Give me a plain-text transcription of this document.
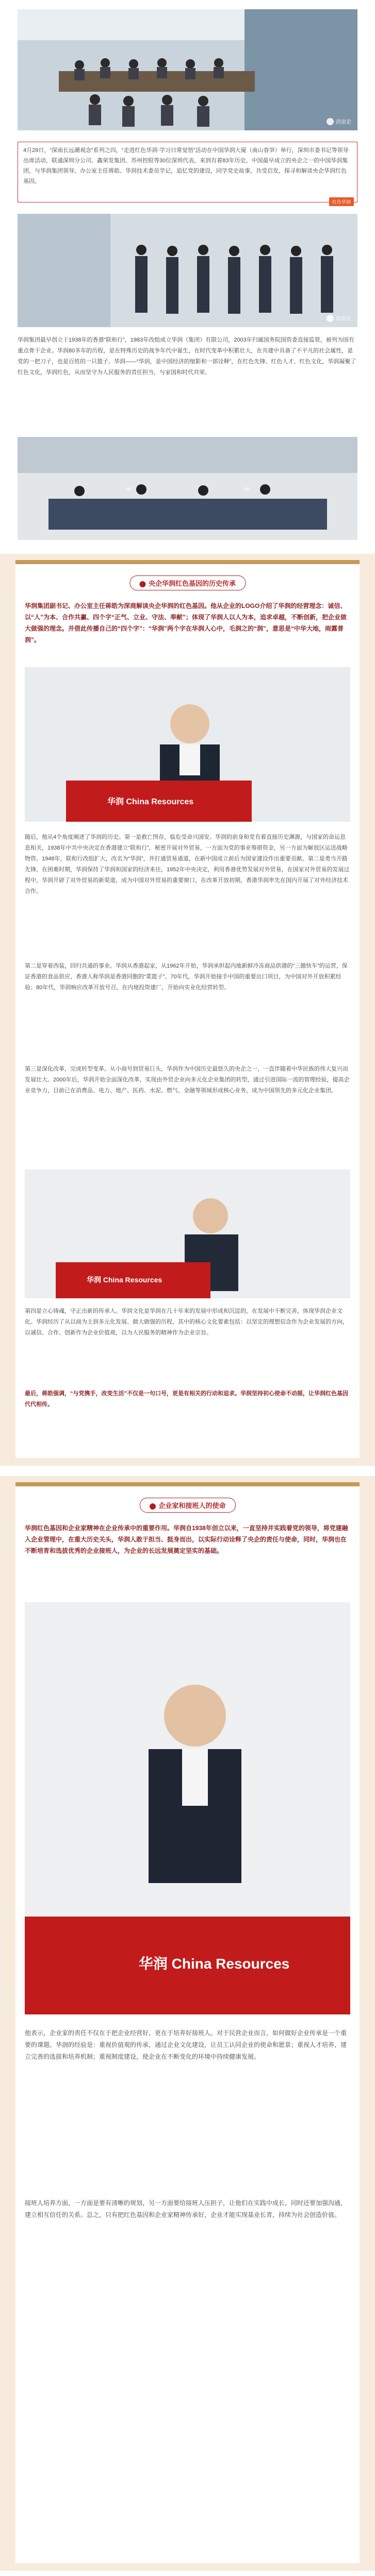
洪崖论

4月29日，“深南长远潮观念”系列之四，“走进红色华润·学习日常觉悟”活动在中国华润大厦（南山春笋）举行，深圳市委书记等领导出席活动，联通深圳分公司、鑫荣发集团、苏州控股等30位深圳代表，来到有着83年历史、中国最早成立的央企之一的中国华润集团，与华润集团领导、办公室主任蒋皓、华润技术委员学记，追忆党的建设，同学党史故事，共受启发，探寻和解读央企华润红色基因。

红色华润
洪崖论

华润集团最早创立于1938年的香港“联和行”，1983年改组成立华润（集团）有限公司，2003年归属国务院国资委直接监管，被列为国有重点骨干企业。华润80多年的历程，是在特殊历史的战争年代中诞生，在时代变革中积累壮大，在共建中具备了不平凡的社会属性，是党的一把刀子，也是百姓的一只篮子。华润——“华润，是中国经济的缩影和一部诠释”，在红色先锋、红色人才、红色文化，华润凝聚了红色文化，华润红色，从而坚守为人民服务的责任担当，与家国和时代共荣。

央企华润红色基因的历史传承

华润集团副书记、办公室主任蒋皓为深商解读央企华润的红色基因。他从企业的LOGO介绍了华润的经营理念：诚信、以“人”为本、合作共赢、四个字“正气、立业、守法、奉献”；体现了华润人以人为本，追求卓越，不断创新，把企业做大做强的理念。并借此传播自己的“四个字”：“华润”两个字在华润人心中，毛润之的“润”，意思是“中华大地，雨露普润”。

华润 China Resources

随后，他从4个角度阐述了华润的历史。第一是救亡图存，临危受命兴国安。华润的前身和党有着直接历史渊源，与国家的命运息息相关，1938年中共中央决定在香港建立“联和行”，秘密开展对外贸易，一方面为党的事业筹措资金，另一方面为解放区运送战略物资。1948年，联和行改组扩大，改名为“华润”，并打通贸易通道，在新中国成立前后为国家建设作出重要贡献。第二是勇当开路先锋，在困难时期，华润保持了华润和国家的经济来往，1952年中央决定，利用香港优势发展对外贸易，在国家对外贸易的发展过程中，华润开辟了对外贸易的新渠道，成为中国对外贸易的重要窗口，在改革开放初期，香港华润率先在国内开展了对外经济技术合作。

第二是穿着西装，回归共通的事业。华润从香港起家，从1962年开始，华润承担起内地新鲜冷冻商品供港的“三趟快车”的运营，保证香港的食品供应，香港人称华润是香港同胞的“菜篮子”。70年代，华润开始接手中国的重要出口项目，为中国对外开放积累经验；80年代，华润响应改革开放号召，在内地投资建厂，开始向实业化经营转型。

第三是深化改革，完成转型变革。从小商号到贸易巨头，华润作为中国历史最悠久的央企之一，一直伴随着中华民族的伟大复兴而发展壮大。2000年后，华润开始全面深化改革，实现由外贸企业向多元化企业集团的转型，通过引进国际一流的管理经验，提高企业竞争力，目前已在消费品、电力、地产、医药、水泥、燃气、金融等领域形成核心业务，成为中国领先的多元化企业集团。

华润 China Resources

第四是立心铸魂，守正出新的传承人。华润文化是华润在几十年来的发展中形成和沉淀的，在发展中不断完善，体现华润企业文化。华润经历了从以商为主到多元化发展、做大做强的历程，其中的核心文化要素包括：以坚定的理想信念作为企业发展的方向，以诚信、合作、创新作为企业价值观，以为人民服务的精神作为企业宗旨。

最后，蒋皓强调，“与党携手，改变生活”不仅是一句口号，更是有相关的行动和追求。华润坚持初心使命不动摇，让华润红色基因代代相传。

企业家和接班人的使命

华润红色基因和企业家精神在企业传承中的重要作用。华润自1938年创立以来，一直坚持并实践着党的领导，将党建融入企业管理中，在重大历史关头，华润人敢于担当、挺身而出，以实际行动诠释了央企的责任与使命，同时，华润也在不断培育和选拔优秀的企业接班人，为企业的长远发展奠定坚实的基础。

华润 China Resources

他表示，企业家的责任不仅在于把企业经营好，更在于培养好接班人。对于民营企业而言，如何做好企业传承是一个重要的课题。华润的经验是：重视价值观的传承，通过企业文化建设，让员工认同企业的使命和愿景；重视人才培养，建立完善的选拔和培养机制；重视制度建设，使企业在不断变化的环境中持续健康发展。

接班人培养方面，一方面是要有清晰的规划，另一方面要给接班人压担子，让他们在实践中成长，同时还要加强沟通，建立相互信任的关系。总之，只有把红色基因和企业家精神传承好，企业才能实现基业长青，持续为社会创造价值。
